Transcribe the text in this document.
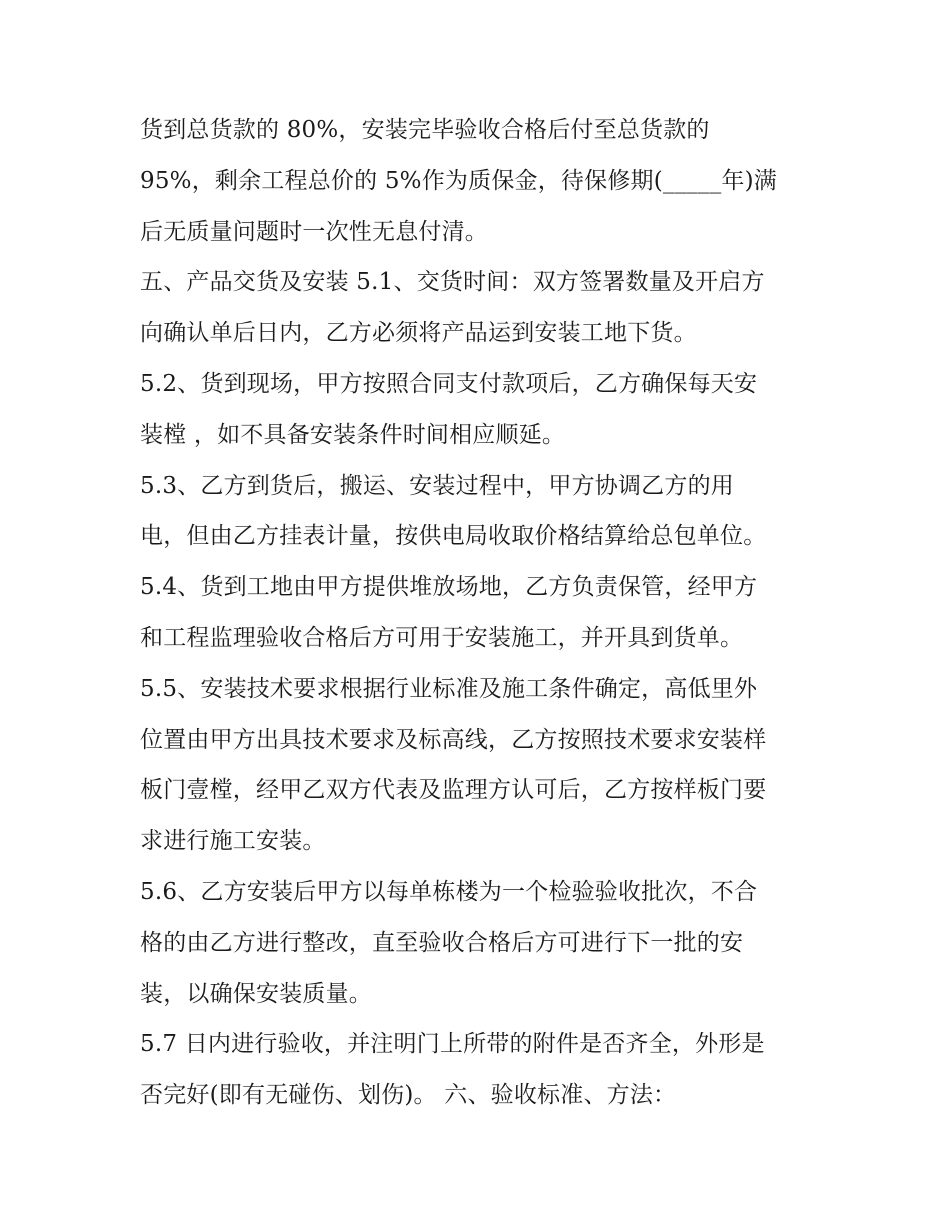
货到总货款的 80%，安装完毕验收合格后付至总货款的
95%，剩余工程总价的 5%作为质保金，待保修期(_____年)满
后无质量问题时一次性无息付清。
五、产品交货及安装 5.1、交货时间：双方签署数量及开启方
向确认单后日内，乙方必须将产品运到安装工地下货。
5.2、货到现场，甲方按照合同支付款项后，乙方确保每天安
装樘 ，如不具备安装条件时间相应顺延。
5.3、乙方到货后，搬运、安装过程中，甲方协调乙方的用
电，但由乙方挂表计量，按供电局收取价格结算给总包单位。
5.4、货到工地由甲方提供堆放场地，乙方负责保管，经甲方
和工程监理验收合格后方可用于安装施工，并开具到货单。
5.5、安装技术要求根据行业标准及施工条件确定，高低里外
位置由甲方出具技术要求及标高线，乙方按照技术要求安装样
板门壹樘，经甲乙双方代表及监理方认可后，乙方按样板门要
求进行施工安装。
5.6、乙方安装后甲方以每单栋楼为一个检验验收批次，不合
格的由乙方进行整改，直至验收合格后方可进行下一批的安
装，以确保安装质量。
5.7 日内进行验收，并注明门上所带的附件是否齐全，外形是
否完好(即有无碰伤、划伤)。 六、验收标准、方法：
